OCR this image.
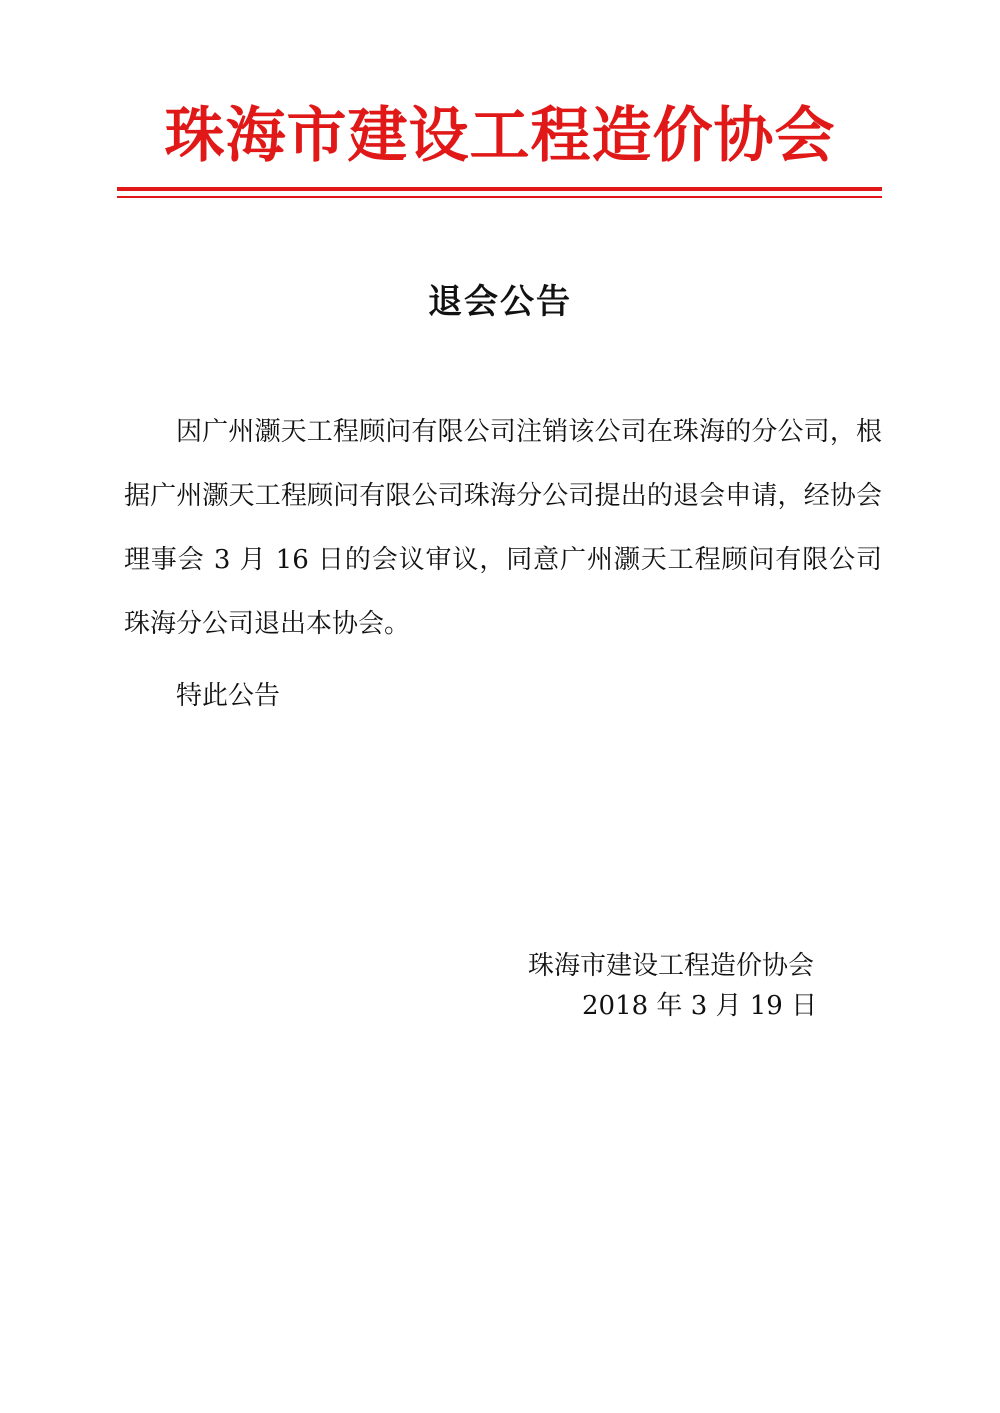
珠海市建设工程造价协会
退会公告
因广州灏天工程顾问有限公司注销该公司在珠海的分公司，根据广州灏天工程顾问有限公司珠海分公司提出的退会申请，经协会理事会 3 月 16 日的会议审议，同意广州灏天工程顾问有限公司珠海分公司退出本协会。
特此公告
珠海市建设工程造价协会
2018 年 3 月 19 日
